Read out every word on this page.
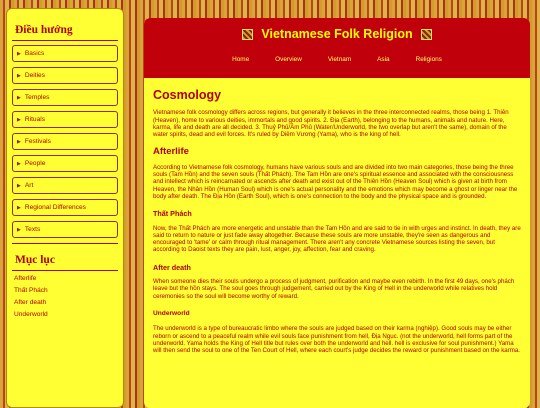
Điều hướng
▶ Basics
▶ Deities
▶ Temples
▶ Rituals
▶ Festivals
▶ People
▶ Art
▶ Regional Differences
▶ Texts
Mục lục
Afterlife
Thất Phách
After death
Underworld
Vietnamese Folk Religion
Home	Overview	Vietnam	Asia	Religions
Cosmology

Vietnamese folk cosmology differs across regions, but generally it believes in the three interconnected realms, those being 1. Thiên (Heaven), home to various deities, immortals and good spirits. 2. Địa (Earth), belonging to the humans, animals and nature. Here, karma, life and death are all decided. 3. Thuỷ Phủ/Âm Phủ (Water/Underworld, the two overlap but aren't the same), domain of the water spirits, dead and evil forces. It's ruled by Diêm Vương (Yama), who is the king of hell.

Afterlife

According to Vietnamese folk cosmology, humans have various souls and are divided into two main categories, those being the three souls (Tam Hồn) and the seven souls (Thất Phách). The Tam Hồn are one's spiritual essence and associated with the consciousness and intellect which is reincarnated or ascends after death and exist out of the Thiên Hồn (Heaven Soul) which is given at birth from Heaven, the Nhân Hồn (Human Soul) which is one's actual personality and the emotions which may become a ghost or linger near the body after death. The Địa Hồn (Earth Soul), which is one's connection to the body and the physical space and is grounded.

Thất Phách

Now, the Thất Phách are more energetic and unstable than the Tam Hồn and are said to tie in with urges and instinct. In death, they are said to return to nature or just fade away altogether. Because these souls are more unstable, they're seen as dangerous and encouraged to 'tame' or calm through ritual management. There aren't any concrete Vietnamese sources listing the seven, but according to Daoist texts they are pain, lust, anger, joy, affection, fear and craving.

After death

When someone dies their souls undergo a process of judgment, purification and maybe even rebirth. In the first 49 days, one's phách leave but the hồn stays. The soul goes through judgement, carried out by the King of Hell in the underworld while relatives hold ceremonies so the soul will become worthy of reward.

Underworld

The underworld is a type of bureaucratic limbo where the souls are judged based on their karma (nghiệp). Good souls may be either reborn or ascend to a peaceful realm while evil souls face punishment from hell, Địa Ngục. (not the underworld, hell forms part of the underworld. Yama holds the King of Hell title but rules over both the underworld and hell. hell is exclusive for soul punishment.) Yama will then send the soul to one of the Ten Court of Hell, where each court's judge decides the reward or punishment based on the karma.
